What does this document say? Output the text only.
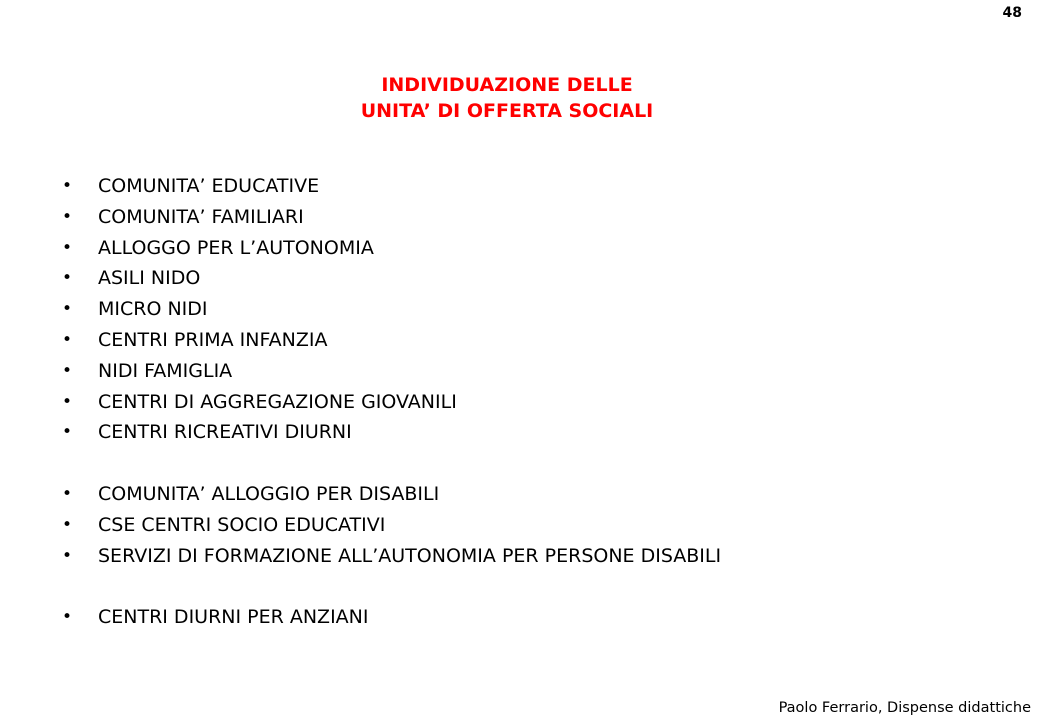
48
INDIVIDUAZIONE DELLE
UNITA’ DI OFFERTA SOCIALI
• COMUNITA’ EDUCATIVE
• COMUNITA’ FAMILIARI
• ALLOGGO PER L’AUTONOMIA
• ASILI NIDO
• MICRO NIDI
• CENTRI PRIMA INFANZIA
• NIDI FAMIGLIA
• CENTRI DI AGGREGAZIONE GIOVANILI
• CENTRI RICREATIVI DIURNI
• COMUNITA’ ALLOGGIO PER DISABILI
• CSE CENTRI SOCIO EDUCATIVI
• SERVIZI DI FORMAZIONE ALL’AUTONOMIA PER PERSONE DISABILI
• CENTRI DIURNI PER ANZIANI
Paolo Ferrario, Dispense didattiche
